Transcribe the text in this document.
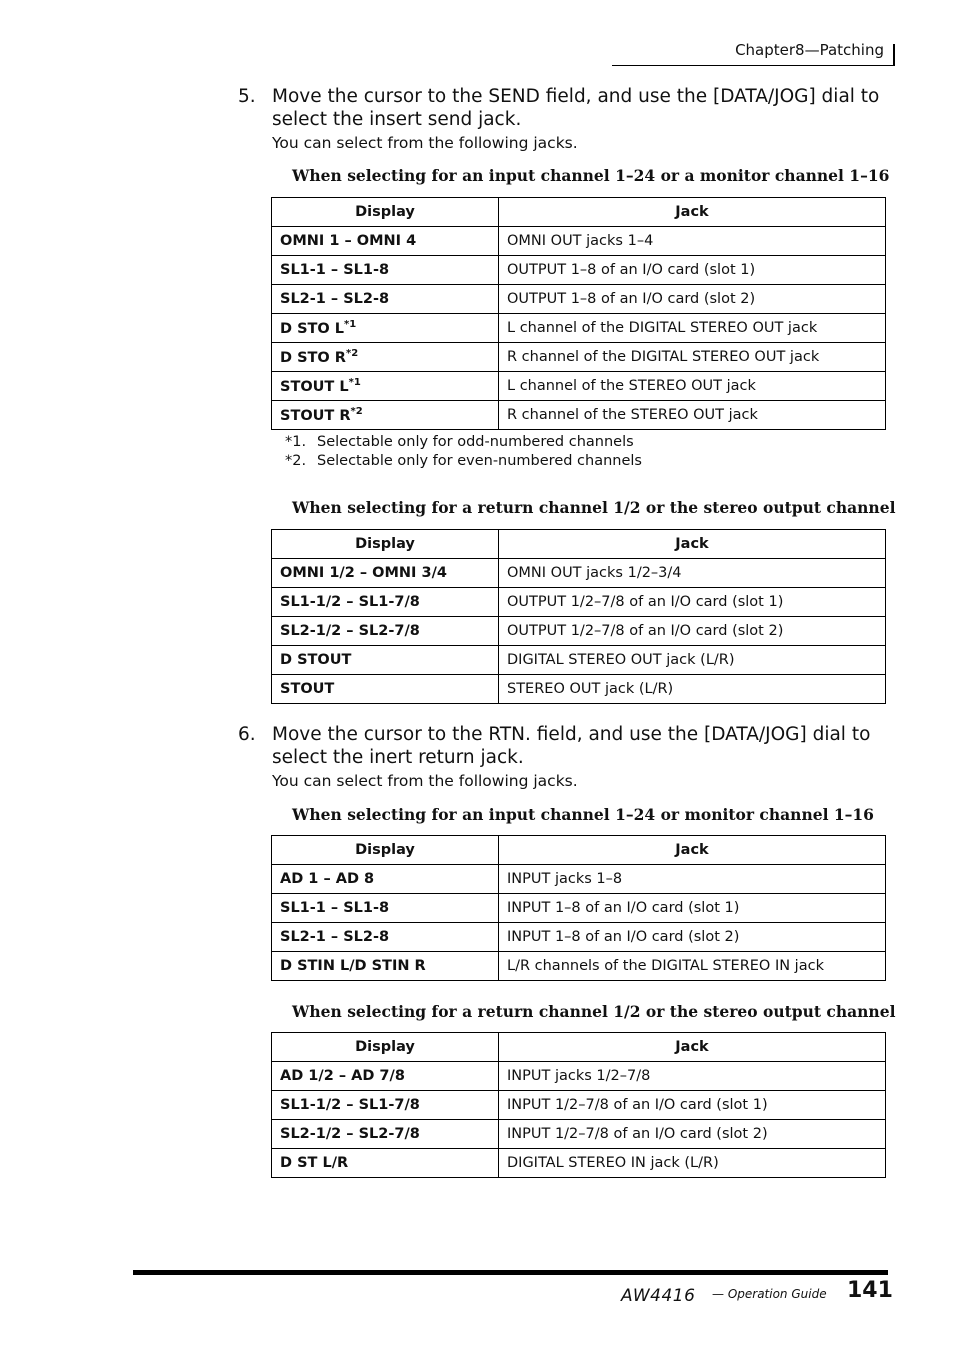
Chapter8—Patching
5. Move the cursor to the SEND field, and use the [DATA/JOG] dial to select the insert send jack.
You can select from the following jacks.
When selecting for an input channel 1–24 or a monitor channel 1–16
Display	Jack
OMNI 1 – OMNI 4	OMNI OUT jacks 1–4
SL1-1 – SL1-8	OUTPUT 1–8 of an I/O card (slot 1)
SL2-1 – SL2-8	OUTPUT 1–8 of an I/O card (slot 2)
D STO $L^{*1}$	L channel of the DIGITAL STEREO OUT jack
D STO $R^{*2}$	R channel of the DIGITAL STEREO OUT jack
STOUT $L^{*1}$	L channel of the STEREO OUT jack
STOUT $R^{*2}$	R channel of the STEREO OUT jack
*1. Selectable only for odd-numbered channels
*2. Selectable only for even-numbered channels
When selecting for a return channel 1/2 or the stereo output channel
Display	Jack
OMNI 1/2 – OMNI 3/4	OMNI OUT jacks 1/2–3/4
SL1-1/2 – SL1-7/8	OUTPUT 1/2–7/8 of an I/O card (slot 1)
SL2-1/2 – SL2-7/8	OUTPUT 1/2–7/8 of an I/O card (slot 2)
D STOUT	DIGITAL STEREO OUT jack (L/R)
STOUT	STEREO OUT jack (L/R)
6. Move the cursor to the RTN. field, and use the [DATA/JOG] dial to select the inert return jack.
You can select from the following jacks.
When selecting for an input channel 1–24 or monitor channel 1–16
Display	Jack
AD 1 – AD 8	INPUT jacks 1–8
SL1-1 – SL1-8	INPUT 1–8 of an I/O card (slot 1)
SL2-1 – SL2-8	INPUT 1–8 of an I/O card (slot 2)
D STIN L/D STIN R	L/R channels of the DIGITAL STEREO IN jack
When selecting for a return channel 1/2 or the stereo output channel
Display	Jack
AD 1/2 – AD 7/8	INPUT jacks 1/2–7/8
SL1-1/2 – SL1-7/8	INPUT 1/2–7/8 of an I/O card (slot 1)
SL2-1/2 – SL2-7/8	INPUT 1/2–7/8 of an I/O card (slot 2)
D ST L/R	DIGITAL STEREO IN jack (L/R)
AW4416 — Operation Guide 141
